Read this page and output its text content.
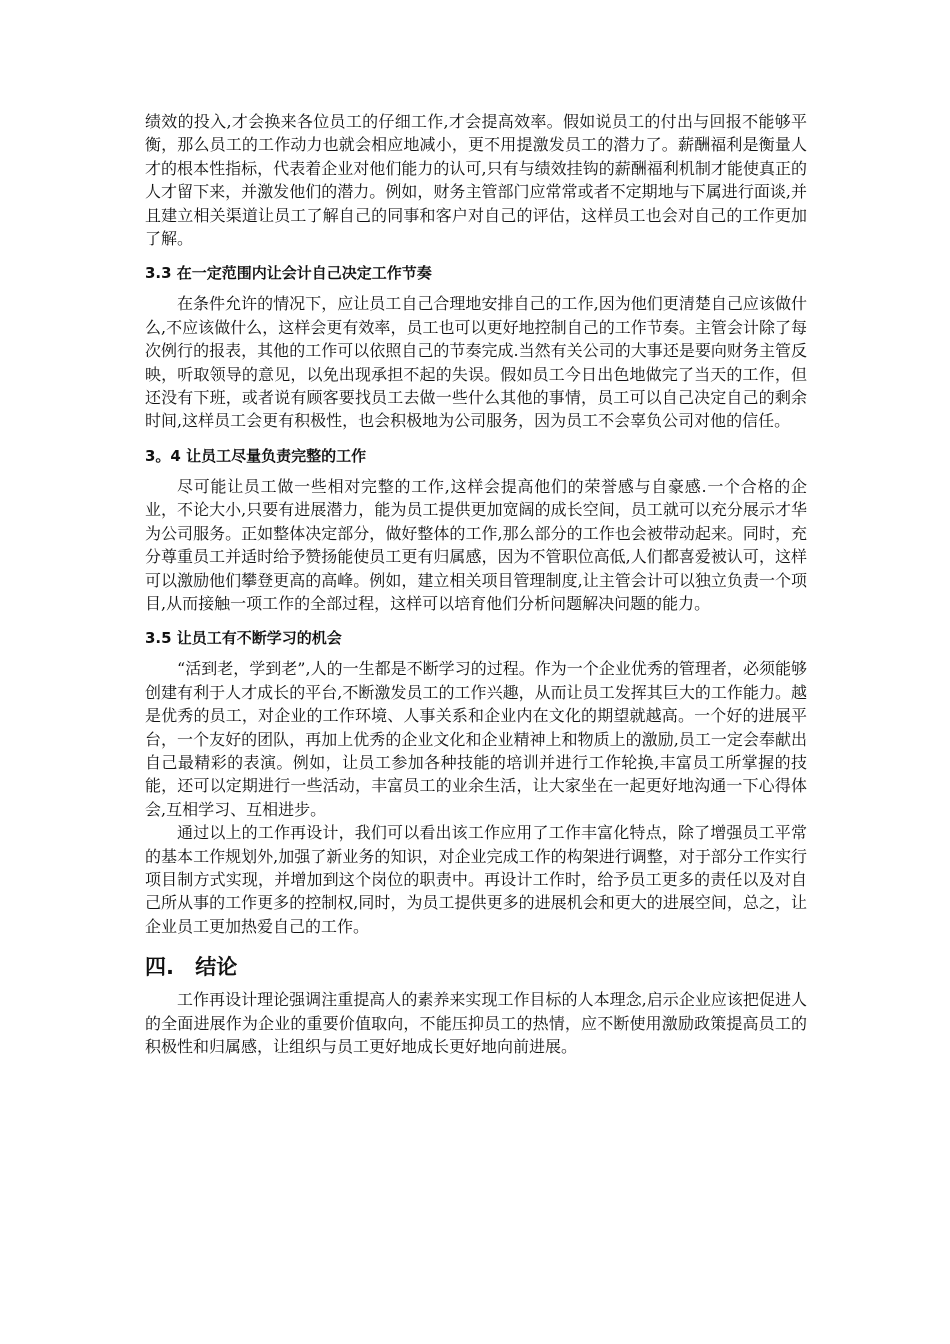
绩效的投入,才会换来各位员工的仔细工作,才会提高效率。假如说员工的付出与回报不能够平衡，那么员工的工作动力也就会相应地减小，更不用提激发员工的潜力了。薪酬福利是衡量人才的根本性指标，代表着企业对他们能力的认可,只有与绩效挂钩的薪酬福利机制才能使真正的人才留下来，并激发他们的潜力。例如，财务主管部门应常常或者不定期地与下属进行面谈,并且建立相关渠道让员工了解自己的同事和客户对自己的评估，这样员工也会对自己的工作更加了解。

3.3 在一定范围内让会计自己决定工作节奏

在条件允许的情况下，应让员工自己合理地安排自己的工作,因为他们更清楚自己应该做什么,不应该做什么，这样会更有效率，员工也可以更好地控制自己的工作节奏。主管会计除了每次例行的报表，其他的工作可以依照自己的节奏完成.当然有关公司的大事还是要向财务主管反映，听取领导的意见，以免出现承担不起的失误。假如员工今日出色地做完了当天的工作，但还没有下班，或者说有顾客要找员工去做一些什么其他的事情，员工可以自己决定自己的剩余时间,这样员工会更有积极性，也会积极地为公司服务，因为员工不会辜负公司对他的信任。

3。4 让员工尽量负责完整的工作

尽可能让员工做一些相对完整的工作,这样会提高他们的荣誉感与自豪感.一个合格的企业，不论大小,只要有进展潜力，能为员工提供更加宽阔的成长空间，员工就可以充分展示才华为公司服务。正如整体决定部分，做好整体的工作,那么部分的工作也会被带动起来。同时，充分尊重员工并适时给予赞扬能使员工更有归属感，因为不管职位高低,人们都喜爱被认可，这样可以激励他们攀登更高的高峰。例如，建立相关项目管理制度,让主管会计可以独立负责一个项目,从而接触一项工作的全部过程，这样可以培育他们分析问题解决问题的能力。

3.5 让员工有不断学习的机会

“活到老，学到老”,人的一生都是不断学习的过程。作为一个企业优秀的管理者，必须能够创建有利于人才成长的平台,不断激发员工的工作兴趣，从而让员工发挥其巨大的工作能力。越是优秀的员工，对企业的工作环境、人事关系和企业内在文化的期望就越高。一个好的进展平台，一个友好的团队，再加上优秀的企业文化和企业精神上和物质上的激励,员工一定会奉献出自己最精彩的表演。例如，让员工参加各种技能的培训并进行工作轮换,丰富员工所掌握的技能，还可以定期进行一些活动，丰富员工的业余生活，让大家坐在一起更好地沟通一下心得体会,互相学习、互相进步。

通过以上的工作再设计，我们可以看出该工作应用了工作丰富化特点，除了增强员工平常的基本工作规划外,加强了新业务的知识，对企业完成工作的构架进行调整，对于部分工作实行项目制方式实现，并增加到这个岗位的职责中。再设计工作时，给予员工更多的责任以及对自己所从事的工作更多的控制权,同时，为员工提供更多的进展机会和更大的进展空间，总之，让企业员工更加热爱自己的工作。

四. 结论

工作再设计理论强调注重提高人的素养来实现工作目标的人本理念,启示企业应该把促进人的全面进展作为企业的重要价值取向，不能压抑员工的热情，应不断使用激励政策提高员工的积极性和归属感，让组织与员工更好地成长更好地向前进展。
